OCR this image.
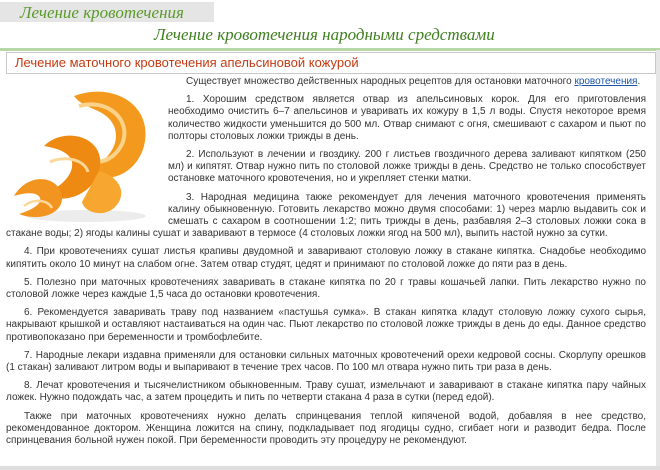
Лечение кровотечения
Лечение кровотечения народными средствами
Лечение маточного кровотечения апельсиновой кожурой

Существует множество действенных народных рецептов для остановки маточного кровотечения.

1. Хорошим средством является отвар из апельсиновых корок. Для его приготовления необходимо очистить 6–7 апельсинов и уваривать их кожуру в 1,5 л воды. Спустя некоторое время количество жидкости уменьшится до 500 мл. Отвар снимают с огня, смешивают с сахаром и пьют по полторы столовых ложки трижды в день.

2. Используют в лечении и гвоздику. 200 г листьев гвоздичного дерева заливают кипятком (250 мл) и кипятят. Отвар нужно пить по столовой ложке трижды в день. Средство не только способствует остановке маточного кровотечения, но и укрепляет стенки матки.

3. Народная медицина также рекомендует для лечения маточного кровотечения применять калину обыкновенную. Готовить лекарство можно двумя способами: 1) через марлю выдавить сок и смешать с сахаром в соотношении 1:2; пить трижды в день, разбавляя 2–3 столовых ложки сока в стакане воды; 2) ягоды калины сушат и заваривают в термосе (4 столовых ложки ягод на 500 мл), выпить настой нужно за сутки.

4. При кровотечениях сушат листья крапивы двудомной и заваривают столовую ложку в стакане кипятка. Снадобье необходимо кипятить около 10 минут на слабом огне. Затем отвар студят, цедят и принимают по столовой ложке до пяти раз в день.

5. Полезно при маточных кровотечениях заваривать в стакане кипятка по 20 г травы кошачьей лапки. Пить лекарство нужно по столовой ложке через каждые 1,5 часа до остановки кровотечения.

6. Рекомендуется заваривать траву под названием «пастушья сумка». В стакан кипятка кладут столовую ложку сухого сырья, накрывают крышкой и оставляют настаиваться на один час. Пьют лекарство по столовой ложке трижды в день до еды. Данное средство противопоказано при беременности и тромбофлебите.

7. Народные лекари издавна применяли для остановки сильных маточных кровотечений орехи кедровой сосны. Скорлупу орешков (1 стакан) заливают литром воды и выпаривают в течение трех часов. По 100 мл отвара нужно пить три раза в день.

8. Лечат кровотечения и тысячелистником обыкновенным. Траву сушат, измельчают и заваривают в стакане кипятка пару чайных ложек. Нужно подождать час, а затем процедить и пить по четверти стакана 4 раза в сутки (перед едой).

Также при маточных кровотечениях нужно делать спринцевания теплой кипяченой водой, добавляя в нее средство, рекомендованное доктором. Женщина ложится на спину, подкладывает под ягодицы судно, сгибает ноги и разводит бедра. После спринцевания больной нужен покой. При беременности проводить эту процедуру не рекомендуют.
